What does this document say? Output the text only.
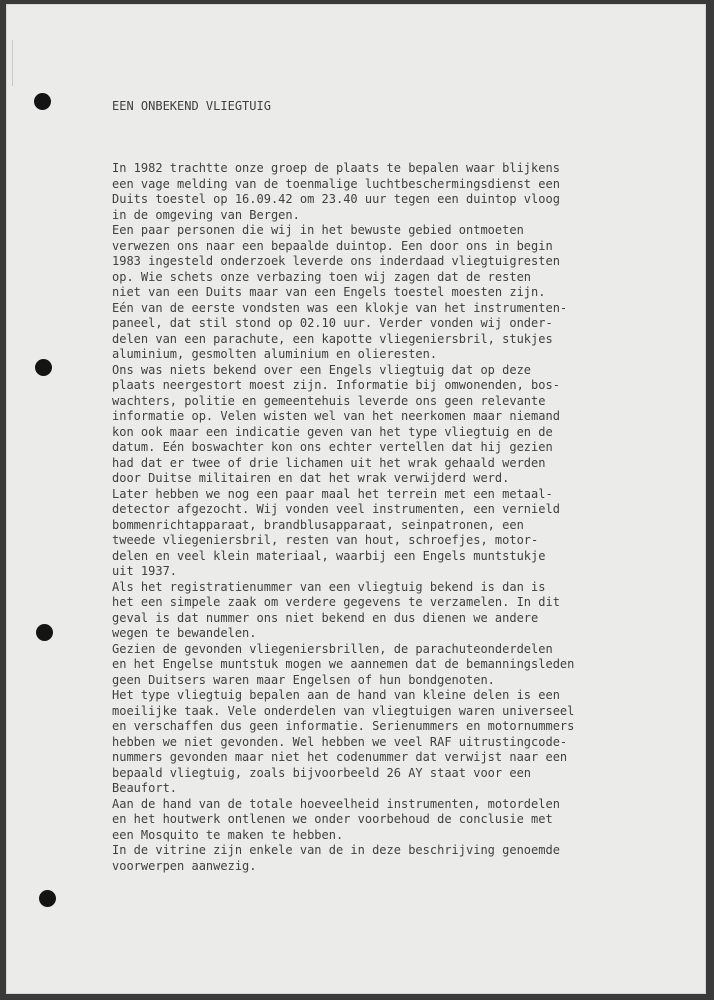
EEN ONBEKEND VLIEGTUIG

In 1982 trachtte onze groep de plaats te bepalen waar blijkens
een vage melding van de toenmalige luchtbeschermingsdienst een
Duits toestel op 16.09.42 om 23.40 uur tegen een duintop vloog
in de omgeving van Bergen.
Een paar personen die wij in het bewuste gebied ontmoeten
verwezen ons naar een bepaalde duintop. Een door ons in begin
1983 ingesteld onderzoek leverde ons inderdaad vliegtuigresten
op. Wie schets onze verbazing toen wij zagen dat de resten
niet van een Duits maar van een Engels toestel moesten zijn.
Eén van de eerste vondsten was een klokje van het instrumenten-
paneel, dat stil stond op 02.10 uur. Verder vonden wij onder-
delen van een parachute, een kapotte vliegeniersbril, stukjes
aluminium, gesmolten aluminium en olieresten.
Ons was niets bekend over een Engels vliegtuig dat op deze
plaats neergestort moest zijn. Informatie bij omwonenden, bos-
wachters, politie en gemeentehuis leverde ons geen relevante
informatie op. Velen wisten wel van het neerkomen maar niemand
kon ook maar een indicatie geven van het type vliegtuig en de
datum. Eén boswachter kon ons echter vertellen dat hij gezien
had dat er twee of drie lichamen uit het wrak gehaald werden
door Duitse militairen en dat het wrak verwijderd werd.
Later hebben we nog een paar maal het terrein met een metaal-
detector afgezocht. Wij vonden veel instrumenten, een vernield
bommenrichtapparaat, brandblusapparaat, seinpatronen, een
tweede vliegeniersbril, resten van hout, schroefjes, motor-
delen en veel klein materiaal, waarbij een Engels muntstukje
uit 1937.
Als het registratienummer van een vliegtuig bekend is dan is
het een simpele zaak om verdere gegevens te verzamelen. In dit
geval is dat nummer ons niet bekend en dus dienen we andere
wegen te bewandelen.
Gezien de gevonden vliegeniersbrillen, de parachuteonderdelen
en het Engelse muntstuk mogen we aannemen dat de bemanningsleden
geen Duitsers waren maar Engelsen of hun bondgenoten.
Het type vliegtuig bepalen aan de hand van kleine delen is een
moeilijke taak. Vele onderdelen van vliegtuigen waren universeel
en verschaffen dus geen informatie. Serienummers en motornummers
hebben we niet gevonden. Wel hebben we veel RAF uitrustingcode-
nummers gevonden maar niet het codenummer dat verwijst naar een
bepaald vliegtuig, zoals bijvoorbeeld 26 AY staat voor een
Beaufort.
Aan de hand van de totale hoeveelheid instrumenten, motordelen
en het houtwerk ontlenen we onder voorbehoud de conclusie met
een Mosquito te maken te hebben.
In de vitrine zijn enkele van de in deze beschrijving genoemde
voorwerpen aanwezig.
